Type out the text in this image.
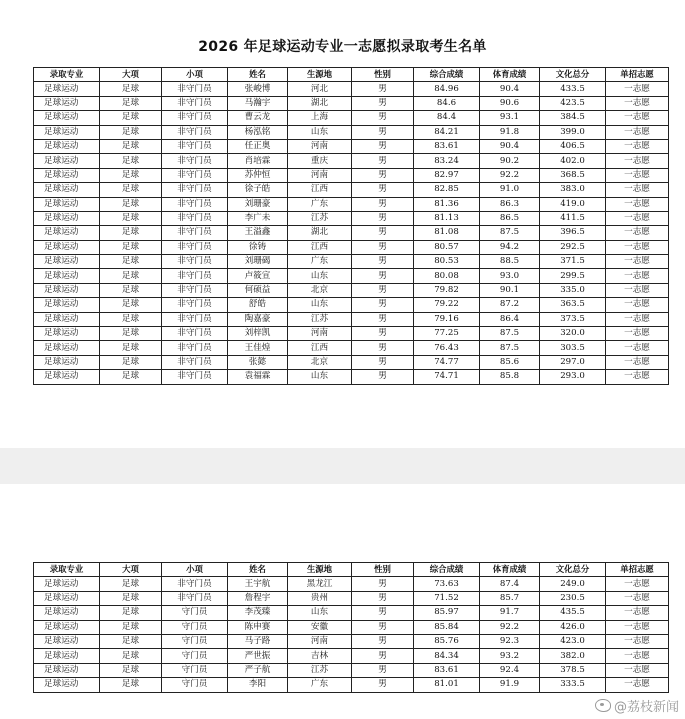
2026 年足球运动专业一志愿拟录取考生名单
录取专业	大项	小项	姓名	生源地	性别	综合成绩	体育成绩	文化总分	单招志愿
足球运动	足球	非守门员	张峻博	河北	男	84.96	90.4	433.5	一志愿
足球运动	足球	非守门员	马瀚宇	湖北	男	84.6	90.6	423.5	一志愿
足球运动	足球	非守门员	曹云龙	上海	男	84.4	93.1	384.5	一志愿
足球运动	足球	非守门员	杨泓铭	山东	男	84.21	91.8	399.0	一志愿
足球运动	足球	非守门员	任正奥	河南	男	83.61	90.4	406.5	一志愿
足球运动	足球	非守门员	肖培霖	重庆	男	83.24	90.2	402.0	一志愿
足球运动	足球	非守门员	苏仲恒	河南	男	82.97	92.2	368.5	一志愿
足球运动	足球	非守门员	徐子皓	江西	男	82.85	91.0	383.0	一志愿
足球运动	足球	非守门员	刘珊豪	广东	男	81.36	86.3	419.0	一志愿
足球运动	足球	非守门员	李广未	江苏	男	81.13	86.5	411.5	一志愿
足球运动	足球	非守门员	王溢鑫	湖北	男	81.08	87.5	396.5	一志愿
足球运动	足球	非守门员	徐铸	江西	男	80.57	94.2	292.5	一志愿
足球运动	足球	非守门员	刘珊碣	广东	男	80.53	88.5	371.5	一志愿
足球运动	足球	非守门员	卢筱宣	山东	男	80.08	93.0	299.5	一志愿
足球运动	足球	非守门员	何硕益	北京	男	79.82	90.1	335.0	一志愿
足球运动	足球	非守门员	舒皓	山东	男	79.22	87.2	363.5	一志愿
足球运动	足球	非守门员	陶嘉豪	江苏	男	79.16	86.4	373.5	一志愿
足球运动	足球	非守门员	刘梓凯	河南	男	77.25	87.5	320.0	一志愿
足球运动	足球	非守门员	王佳煌	江西	男	76.43	87.5	303.5	一志愿
足球运动	足球	非守门员	张懿	北京	男	74.77	85.6	297.0	一志愿
足球运动	足球	非守门员	袁福霖	山东	男	74.71	85.8	293.0	一志愿
录取专业	大项	小项	姓名	生源地	性别	综合成绩	体育成绩	文化总分	单招志愿
足球运动	足球	非守门员	王宇航	黑龙江	男	73.63	87.4	249.0	一志愿
足球运动	足球	非守门员	詹程宇	贵州	男	71.52	85.7	230.5	一志愿
足球运动	足球	守门员	李茂臻	山东	男	85.97	91.7	435.5	一志愿
足球运动	足球	守门员	陈申赛	安徽	男	85.84	92.2	426.0	一志愿
足球运动	足球	守门员	马子路	河南	男	85.76	92.3	423.0	一志愿
足球运动	足球	守门员	严世振	吉林	男	84.34	93.2	382.0	一志愿
足球运动	足球	守门员	严子航	江苏	男	83.61	92.4	378.5	一志愿
足球运动	足球	守门员	李阳	广东	男	81.01	91.9	333.5	一志愿
@荔枝新闻
